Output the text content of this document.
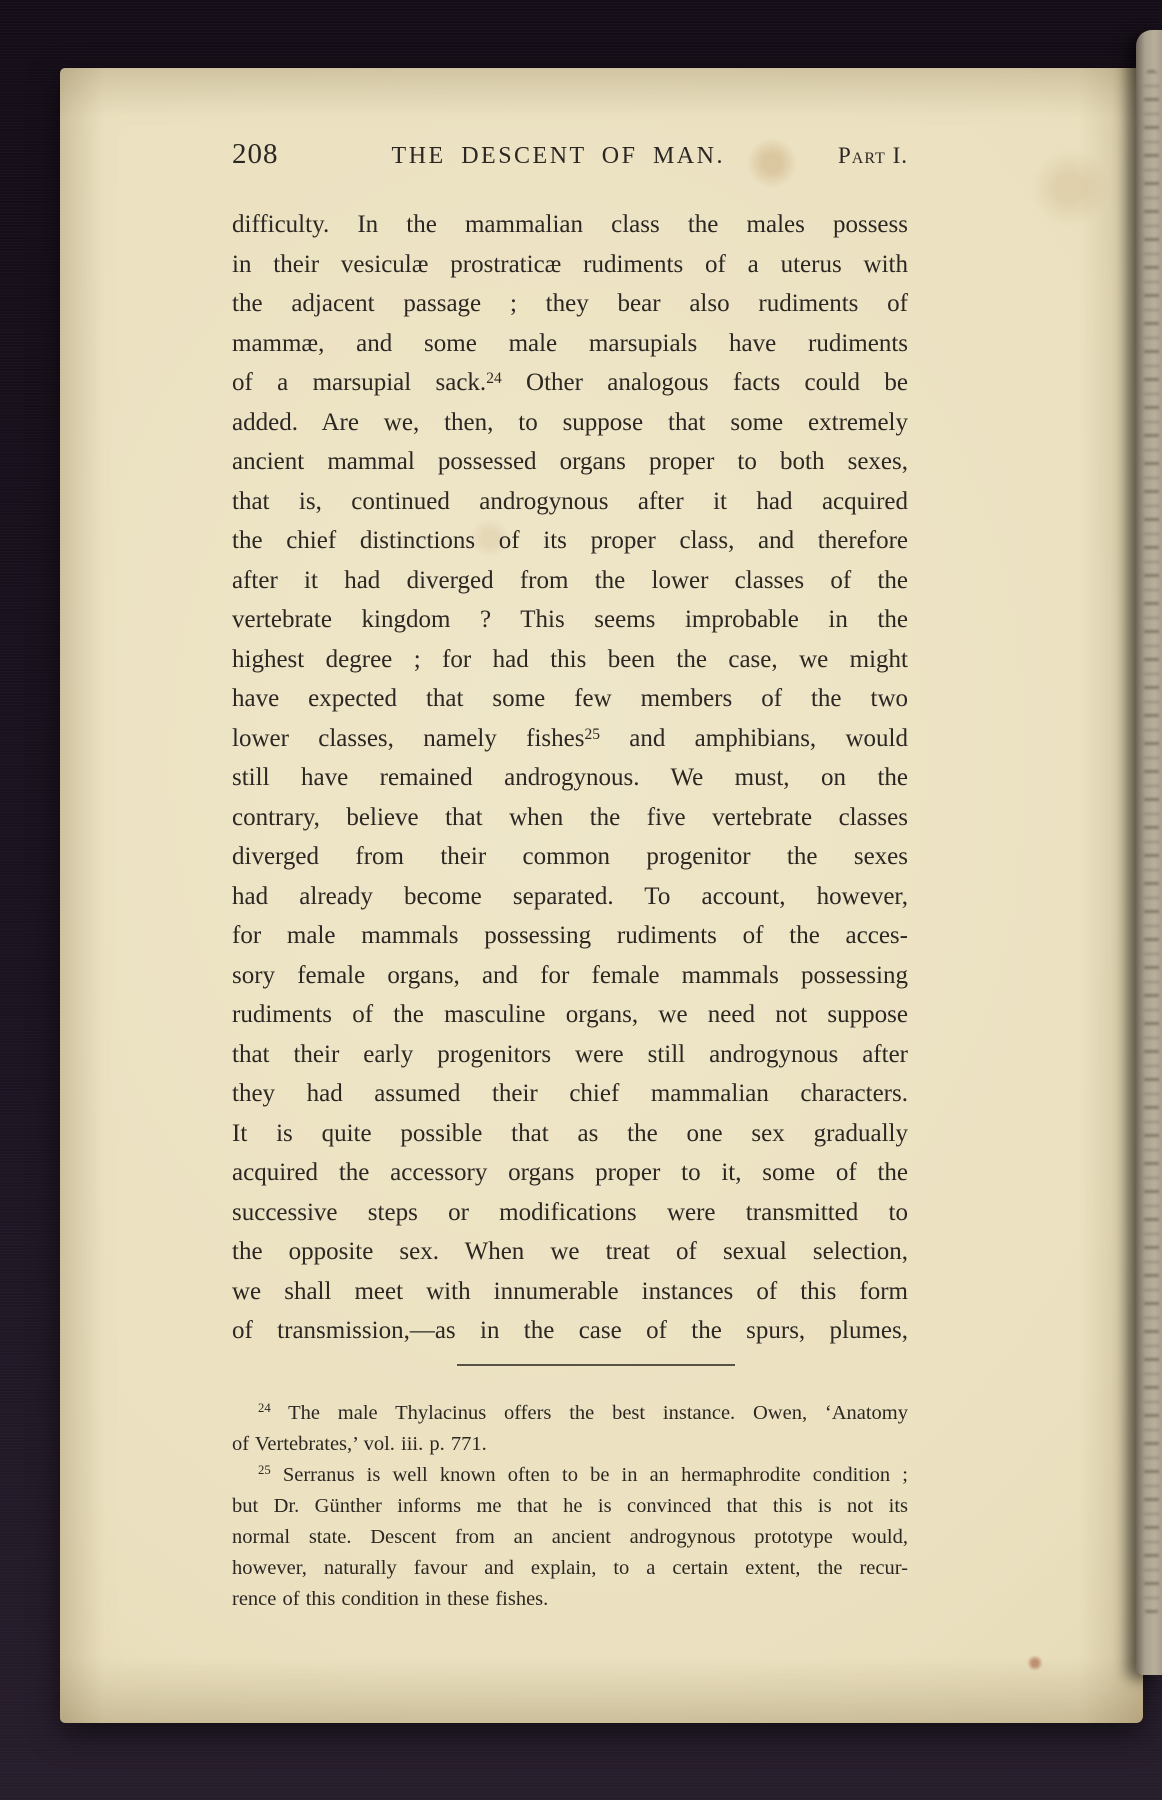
208	THE DESCENT OF MAN.	Part I.
difficulty. In the mammalian class the males possess
in their vesiculæ prostraticæ rudiments of a uterus with
the adjacent passage ; they bear also rudiments of
mammæ, and some male marsupials have rudiments
of a marsupial sack.$^{24}$ Other analogous facts could be
added. Are we, then, to suppose that some extremely
ancient mammal possessed organs proper to both sexes,
that is, continued androgynous after it had acquired
the chief distinctions of its proper class, and therefore
after it had diverged from the lower classes of the
vertebrate kingdom ? This seems improbable in the
highest degree ; for had this been the case, we might
have expected that some few members of the two
lower classes, namely fishes$^{25}$ and amphibians, would
still have remained androgynous. We must, on the
contrary, believe that when the five vertebrate classes
diverged from their common progenitor the sexes
had already become separated. To account, however,
for male mammals possessing rudiments of the acces-
sory female organs, and for female mammals possessing
rudiments of the masculine organs, we need not suppose
that their early progenitors were still androgynous after
they had assumed their chief mammalian characters.
It is quite possible that as the one sex gradually
acquired the accessory organs proper to it, some of the
successive steps or modifications were transmitted to
the opposite sex. When we treat of sexual selection,
we shall meet with innumerable instances of this form
of transmission,—as in the case of the spurs, plumes,
$^{24}$ The male Thylacinus offers the best instance. Owen, ‘Anatomy
of Vertebrates,’ vol. iii. p. 771.
$^{25}$ Serranus is well known often to be in an hermaphrodite condition ;
but Dr. Günther informs me that he is convinced that this is not its
normal state. Descent from an ancient androgynous prototype would,
however, naturally favour and explain, to a certain extent, the recur-
rence of this condition in these fishes.
